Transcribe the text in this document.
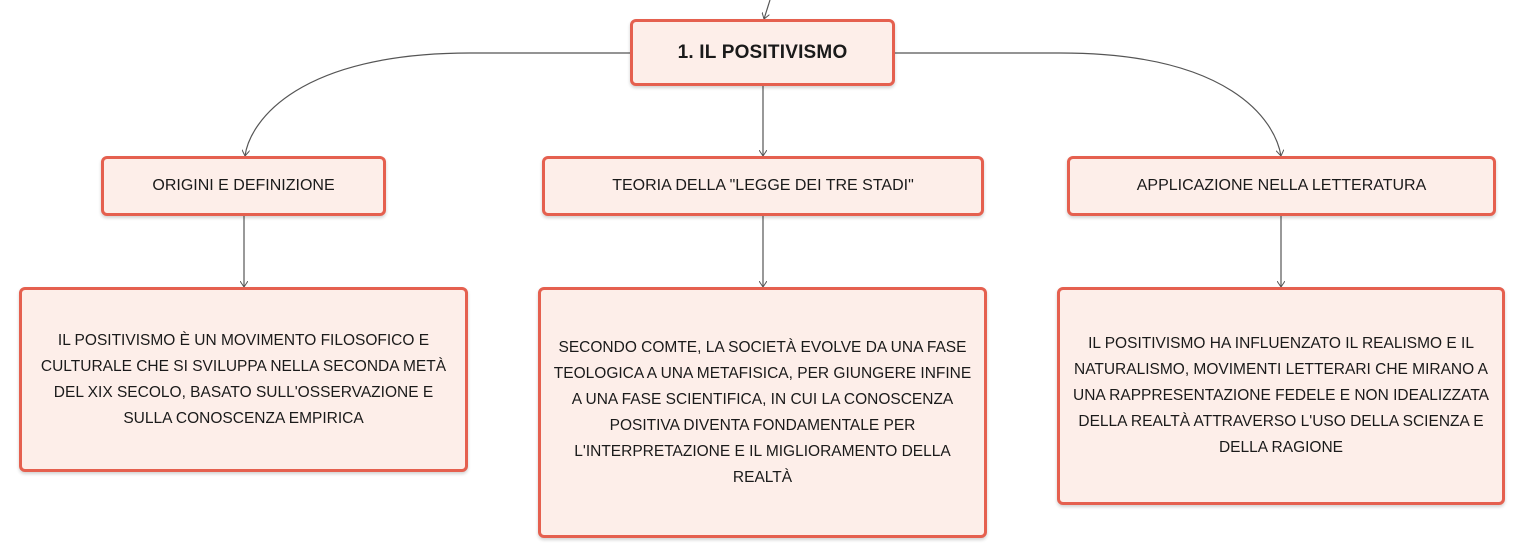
1. IL POSITIVISMO
ORIGINI E DEFINIZIONE	TEORIA DELLA "LEGGE DEI TRE STADI"	APPLICAZIONE NELLA LETTERATURA
IL POSITIVISMO È UN MOVIMENTO FILOSOFICO E CULTURALE CHE SI SVILUPPA NELLA SECONDA METÀ DEL XIX SECOLO, BASATO SULL'OSSERVAZIONE E SULLA CONOSCENZA EMPIRICA
SECONDO COMTE, LA SOCIETÀ EVOLVE DA UNA FASE TEOLOGICA A UNA METAFISICA, PER GIUNGERE INFINE A UNA FASE SCIENTIFICA, IN CUI LA CONOSCENZA POSITIVA DIVENTA FONDAMENTALE PER L'INTERPRETAZIONE E IL MIGLIORAMENTO DELLA REALTÀ
IL POSITIVISMO HA INFLUENZATO IL REALISMO E IL NATURALISMO, MOVIMENTI LETTERARI CHE MIRANO A UNA RAPPRESENTAZIONE FEDELE E NON IDEALIZZATA DELLA REALTÀ ATTRAVERSO L'USO DELLA SCIENZA E DELLA RAGIONE
